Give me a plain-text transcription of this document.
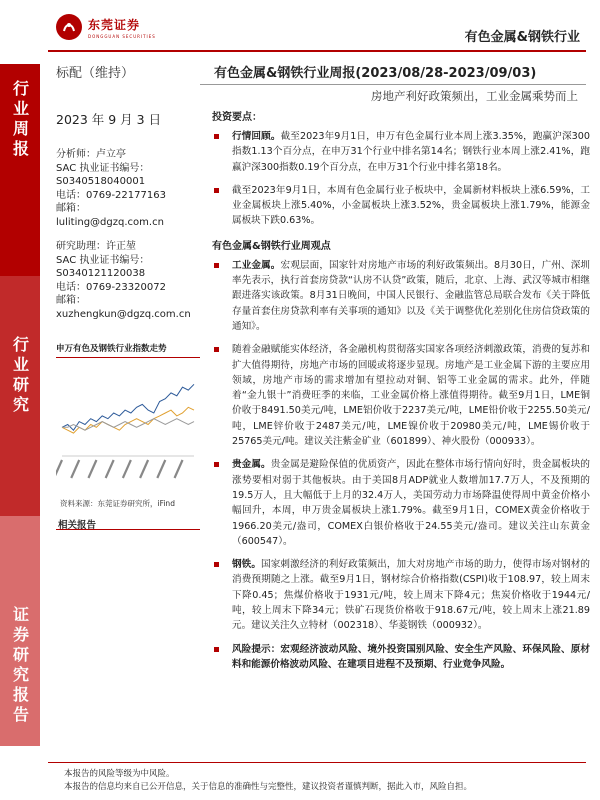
行业周报
行业研究
证券研究报告
东莞证券
DONGGUAN SECURITIES	有色金属&钢铁行业
标配（维持）	有色金属&钢铁行业周报(2023/08/28-2023/09/03)
房地产利好政策频出，工业金属乘势而上
2023 年 9 月 3 日
分析师：卢立亭
SAC 执业证书编号：
S0340518040001
电话：0769-22177163
邮箱：
luliting@dgzq.com.cn
研究助理：许正堃
SAC 执业证书编号：
S0340121120038
电话：0769-23320072
邮箱：
xuzhengkun@dgzq.com.cn
申万有色及钢铁行业指数走势
资料来源：东莞证券研究所，iFind
相关报告
投资要点：
行情回顾。截至2023年9月1日，申万有色金属行业本周上涨3.35%，跑赢沪深300指数1.13个百分点，在申万31个行业中排名第14名；钢铁行业本周上涨2.41%，跑赢沪深300指数0.19个百分点，在申万31个行业中排名第18名。
截至2023年9月1日，本周有色金属行业子板块中，金属新材料板块上涨6.59%，工业金属板块上涨5.40%，小金属板块上涨3.52%，贵金属板块上涨1.79%，能源金属板块下跌0.63%。
有色金属&钢铁行业周观点
工业金属。宏观层面，国家针对房地产市场的利好政策频出。8月30日，广州、深圳率先表示，执行首套房贷款“认房不认贷”政策，随后，北京、上海、武汉等城市相继跟进落实该政策。8月31日晚间，中国人民银行、金融监管总局联合发布《关于降低存量首套住房贷款利率有关事项的通知》以及《关于调整优化差别化住房信贷政策的通知》。
随着金融赋能实体经济，各金融机构贯彻落实国家各项经济刺激政策，消费的复苏和扩大值得期待，房地产市场的回暖或将逐步显现。房地产是工业金属下游的主要应用领域，房地产市场的需求增加有望拉动对铜、铝等工业金属的需求。此外，伴随着“金九银十”消费旺季的来临，工业金属价格上涨值得期待。截至9月1日，LME铜价收于8491.50美元/吨，LME铝价收于2237美元/吨，LME铅价收于2255.50美元/吨，LME锌价收于2487美元/吨，LME镍价收于20980美元/吨，LME锡价收于25765美元/吨。建议关注紫金矿业（601899）、神火股份（000933）。
贵金属。贵金属是避险保值的优质资产，因此在整体市场行情向好时，贵金属板块的涨势要相对弱于其他板块。由于美国8月ADP就业人数增加17.7万人，不及预期的19.5万人，且大幅低于上月的32.4万人，美国劳动力市场降温使得周中黄金价格小幅回升，本周，申万贵金属板块上涨1.79%。截至9月1日，COMEX黄金价格收于1966.20美元/盎司，COMEX白银价格收于24.55美元/盎司。建议关注山东黄金（600547）。
钢铁。国家刺激经济的利好政策频出，加大对房地产市场的助力，使得市场对钢材的消费预期随之上涨。截至9月1日，钢材综合价格指数(CSPI)收于108.97，较上周末下降0.45；焦煤价格收于1931元/吨，较上周末下降4元；焦炭价格收于1944元/吨，较上周末下降34元；铁矿石现货价格收于918.67元/吨，较上周末上涨21.89元。建议关注久立特材（002318）、华菱钢铁（000932）。
风险提示：宏观经济波动风险、境外投资国别风险、安全生产风险、环保风险、原材料和能源价格波动风险、在建项目进程不及预期、行业竞争风险。
本报告的风险等级为中风险。
本报告的信息均来自已公开信息，关于信息的准确性与完整性，建议投资者谨慎判断，据此入市，风险自担。
